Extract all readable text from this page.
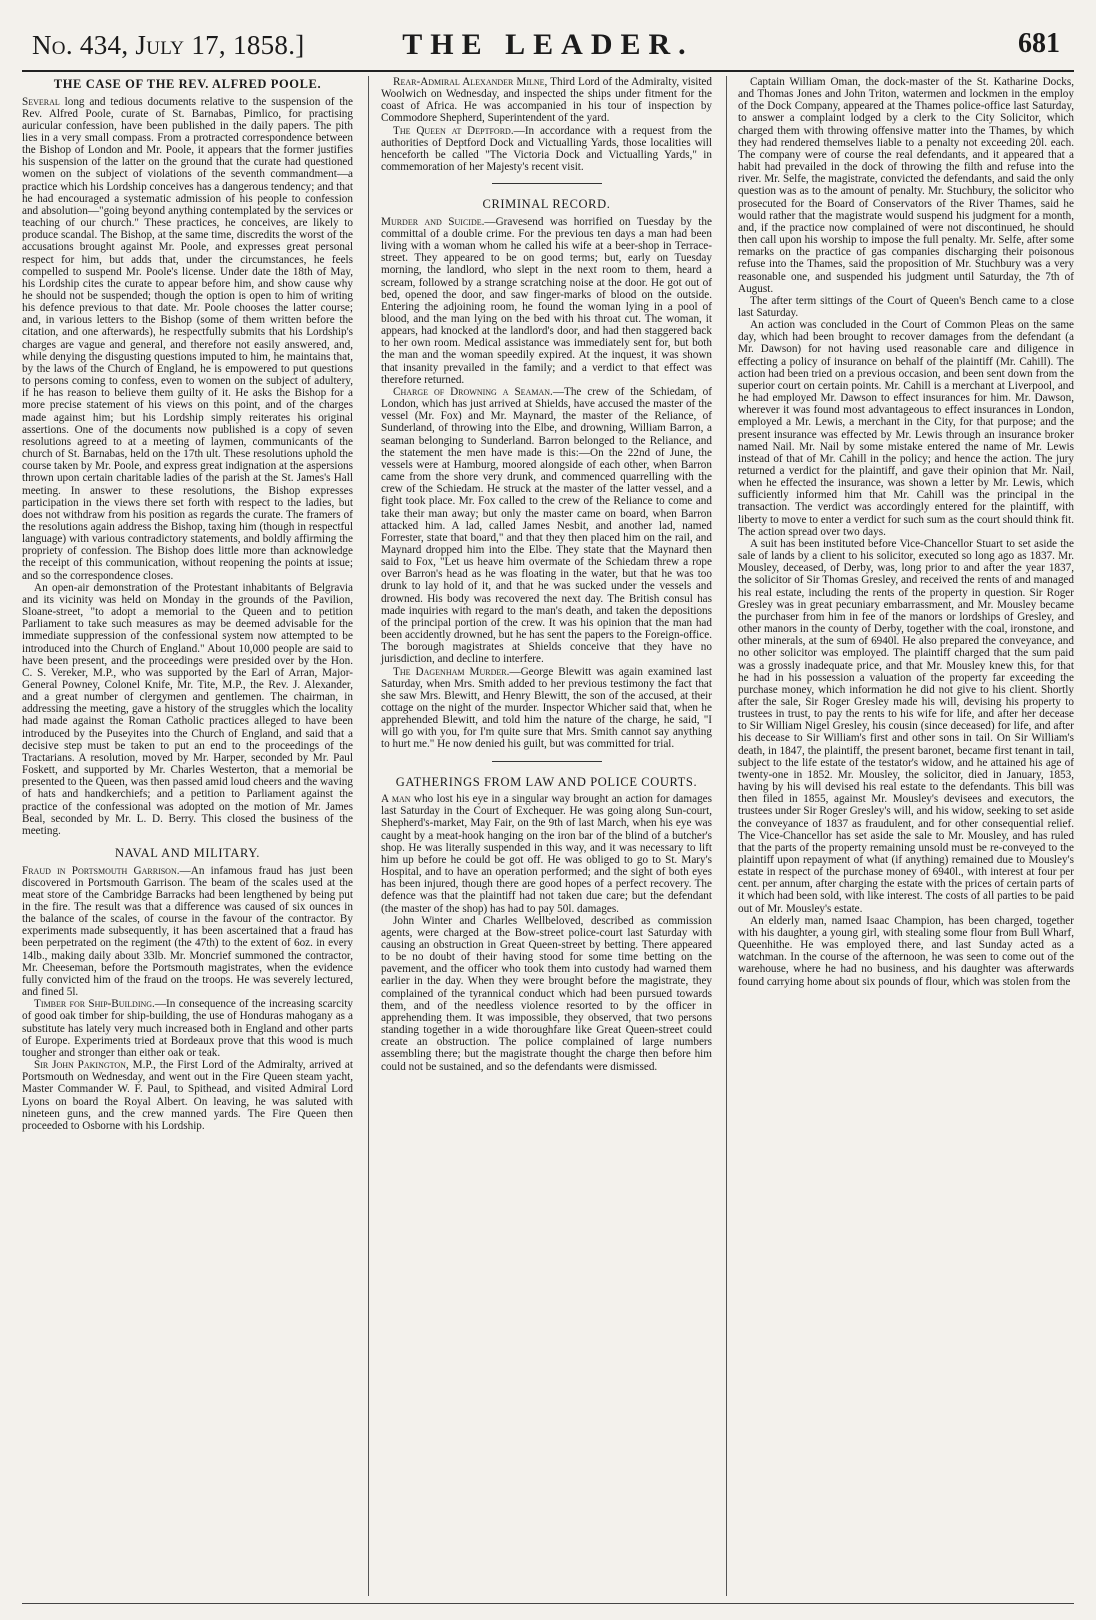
No. 434, July 17, 1858.]	THE LEADER.	681
THE CASE OF THE REV. ALFRED POOLE.

Several long and tedious documents relative to the suspension of the Rev. Alfred Poole, curate of St. Barnabas, Pimlico, for practising auricular confession, have been published in the daily papers. The pith lies in a very small compass. From a protracted correspondence between the Bishop of London and Mr. Poole, it appears that the former justifies his suspension of the latter on the ground that the curate had questioned women on the subject of violations of the seventh commandment—a practice which his Lordship conceives has a dangerous tendency; and that he had encouraged a systematic admission of his people to confession and absolution—"going beyond anything contemplated by the services or teaching of our church." These practices, he conceives, are likely to produce scandal. The Bishop, at the same time, discredits the worst of the accusations brought against Mr. Poole, and expresses great personal respect for him, but adds that, under the circumstances, he feels compelled to suspend Mr. Poole's license. Under date the 18th of May, his Lordship cites the curate to appear before him, and show cause why he should not be suspended; though the option is open to him of writing his defence previous to that date. Mr. Poole chooses the latter course; and, in various letters to the Bishop (some of them written before the citation, and one afterwards), he respectfully submits that his Lordship's charges are vague and general, and therefore not easily answered, and, while denying the disgusting questions imputed to him, he maintains that, by the laws of the Church of England, he is empowered to put questions to persons coming to confess, even to women on the subject of adultery, if he has reason to believe them guilty of it. He asks the Bishop for a more precise statement of his views on this point, and of the charges made against him; but his Lordship simply reiterates his original assertions. One of the documents now published is a copy of seven resolutions agreed to at a meeting of laymen, communicants of the church of St. Barnabas, held on the 17th ult. These resolutions uphold the course taken by Mr. Poole, and express great indignation at the aspersions thrown upon certain charitable ladies of the parish at the St. James's Hall meeting. In answer to these resolutions, the Bishop expresses participation in the views there set forth with respect to the ladies, but does not withdraw from his position as regards the curate. The framers of the resolutions again address the Bishop, taxing him (though in respectful language) with various contradictory statements, and boldly affirming the propriety of confession. The Bishop does little more than acknowledge the receipt of this communication, without reopening the points at issue; and so the correspondence closes.

An open-air demonstration of the Protestant inhabitants of Belgravia and its vicinity was held on Monday in the grounds of the Pavilion, Sloane-street, "to adopt a memorial to the Queen and to petition Parliament to take such measures as may be deemed advisable for the immediate suppression of the confessional system now attempted to be introduced into the Church of England." About 10,000 people are said to have been present, and the proceedings were presided over by the Hon. C. S. Vereker, M.P., who was supported by the Earl of Arran, Major-General Powney, Colonel Knife, Mr. Tite, M.P., the Rev. J. Alexander, and a great number of clergymen and gentlemen. The chairman, in addressing the meeting, gave a history of the struggles which the locality had made against the Roman Catholic practices alleged to have been introduced by the Puseyites into the Church of England, and said that a decisive step must be taken to put an end to the proceedings of the Tractarians. A resolution, moved by Mr. Harper, seconded by Mr. Paul Foskett, and supported by Mr. Charles Westerton, that a memorial be presented to the Queen, was then passed amid loud cheers and the waving of hats and handkerchiefs; and a petition to Parliament against the practice of the confessional was adopted on the motion of Mr. James Beal, seconded by Mr. L. D. Berry. This closed the business of the meeting.

NAVAL AND MILITARY.

Fraud in Portsmouth Garrison.—An infamous fraud has just been discovered in Portsmouth Garrison. The beam of the scales used at the meat store of the Cambridge Barracks had been lengthened by being put in the fire. The result was that a difference was caused of six ounces in the balance of the scales, of course in the favour of the contractor. By experiments made subsequently, it has been ascertained that a fraud has been perpetrated on the regiment (the 47th) to the extent of 6oz. in every 14lb., making daily about 33lb. Mr. Moncrief summoned the contractor, Mr. Cheeseman, before the Portsmouth magistrates, when the evidence fully convicted him of the fraud on the troops. He was severely lectured, and fined 5l.

Timber for Ship-Building.—In consequence of the increasing scarcity of good oak timber for ship-building, the use of Honduras mahogany as a substitute has lately very much increased both in England and other parts of Europe. Experiments tried at Bordeaux prove that this wood is much tougher and stronger than either oak or teak.

Sir John Pakington, M.P., the First Lord of the Admiralty, arrived at Portsmouth on Wednesday, and went out in the Fire Queen steam yacht, Master Commander W. F. Paul, to Spithead, and visited Admiral Lord Lyons on board the Royal Albert. On leaving, he was saluted with nineteen guns, and the crew manned yards. The Fire Queen then proceeded to Osborne with his Lordship.

Rear-Admiral Alexander Milne, Third Lord of the Admiralty, visited Woolwich on Wednesday, and inspected the ships under fitment for the coast of Africa. He was accompanied in his tour of inspection by Commodore Shepherd, Superintendent of the yard.

The Queen at Deptford.—In accordance with a request from the authorities of Deptford Dock and Victualling Yards, those localities will henceforth be called "The Victoria Dock and Victualling Yards," in commemoration of her Majesty's recent visit.

CRIMINAL RECORD.

Murder and Suicide.—Gravesend was horrified on Tuesday by the committal of a double crime. For the previous ten days a man had been living with a woman whom he called his wife at a beer-shop in Terrace-street. They appeared to be on good terms; but, early on Tuesday morning, the landlord, who slept in the next room to them, heard a scream, followed by a strange scratching noise at the door. He got out of bed, opened the door, and saw finger-marks of blood on the outside. Entering the adjoining room, he found the woman lying in a pool of blood, and the man lying on the bed with his throat cut. The woman, it appears, had knocked at the landlord's door, and had then staggered back to her own room. Medical assistance was immediately sent for, but both the man and the woman speedily expired. At the inquest, it was shown that insanity prevailed in the family; and a verdict to that effect was therefore returned.

Charge of Drowning a Seaman.—The crew of the Schiedam, of London, which has just arrived at Shields, have accused the master of the vessel (Mr. Fox) and Mr. Maynard, the master of the Reliance, of Sunderland, of throwing into the Elbe, and drowning, William Barron, a seaman belonging to Sunderland. Barron belonged to the Reliance, and the statement the men have made is this:—On the 22nd of June, the vessels were at Hamburg, moored alongside of each other, when Barron came from the shore very drunk, and commenced quarrelling with the crew of the Schiedam. He struck at the master of the latter vessel, and a fight took place. Mr. Fox called to the crew of the Reliance to come and take their man away; but only the master came on board, when Barron attacked him. A lad, called James Nesbit, and another lad, named Forrester, state that board," and that they then placed him on the rail, and Maynard dropped him into the Elbe. They state that the Maynard then said to Fox, "Let us heave him overmate of the Schiedam threw a rope over Barron's head as he was floating in the water, but that he was too drunk to lay hold of it, and that he was sucked under the vessels and drowned. His body was recovered the next day. The British consul has made inquiries with regard to the man's death, and taken the depositions of the principal portion of the crew. It was his opinion that the man had been accidently drowned, but he has sent the papers to the Foreign-office. The borough magistrates at Shields conceive that they have no jurisdiction, and decline to interfere.

The Dagenham Murder.—George Blewitt was again examined last Saturday, when Mrs. Smith added to her previous testimony the fact that she saw Mrs. Blewitt, and Henry Blewitt, the son of the accused, at their cottage on the night of the murder. Inspector Whicher said that, when he apprehended Blewitt, and told him the nature of the charge, he said, "I will go with you, for I'm quite sure that Mrs. Smith cannot say anything to hurt me." He now denied his guilt, but was committed for trial.

GATHERINGS FROM LAW AND POLICE COURTS.

A man who lost his eye in a singular way brought an action for damages last Saturday in the Court of Exchequer. He was going along Sun-court, Shepherd's-market, May Fair, on the 9th of last March, when his eye was caught by a meat-hook hanging on the iron bar of the blind of a butcher's shop. He was literally suspended in this way, and it was necessary to lift him up before he could be got off. He was obliged to go to St. Mary's Hospital, and to have an operation performed; and the sight of both eyes has been injured, though there are good hopes of a perfect recovery. The defence was that the plaintiff had not taken due care; but the defendant (the master of the shop) has had to pay 50l. damages.

John Winter and Charles Wellbeloved, described as commission agents, were charged at the Bow-street police-court last Saturday with causing an obstruction in Great Queen-street by betting. There appeared to be no doubt of their having stood for some time betting on the pavement, and the officer who took them into custody had warned them earlier in the day. When they were brought before the magistrate, they complained of the tyrannical conduct which had been pursued towards them, and of the needless violence resorted to by the officer in apprehending them. It was impossible, they observed, that two persons standing together in a wide thoroughfare like Great Queen-street could create an obstruction. The police complained of large numbers assembling there; but the magistrate thought the charge then before him could not be sustained, and so the defendants were dismissed.

Captain William Oman, the dock-master of the St. Katharine Docks, and Thomas Jones and John Triton, watermen and lockmen in the employ of the Dock Company, appeared at the Thames police-office last Saturday, to answer a complaint lodged by a clerk to the City Solicitor, which charged them with throwing offensive matter into the Thames, by which they had rendered themselves liable to a penalty not exceeding 20l. each. The company were of course the real defendants, and it appeared that a habit had prevailed in the dock of throwing the filth and refuse into the river. Mr. Selfe, the magistrate, convicted the defendants, and said the only question was as to the amount of penalty. Mr. Stuchbury, the solicitor who prosecuted for the Board of Conservators of the River Thames, said he would rather that the magistrate would suspend his judgment for a month, and, if the practice now complained of were not discontinued, he should then call upon his worship to impose the full penalty. Mr. Selfe, after some remarks on the practice of gas companies discharging their poisonous refuse into the Thames, said the proposition of Mr. Stuchbury was a very reasonable one, and suspended his judgment until Saturday, the 7th of August.

The after term sittings of the Court of Queen's Bench came to a close last Saturday.

An action was concluded in the Court of Common Pleas on the same day, which had been brought to recover damages from the defendant (a Mr. Dawson) for not having used reasonable care and diligence in effecting a policy of insurance on behalf of the plaintiff (Mr. Cahill). The action had been tried on a previous occasion, and been sent down from the superior court on certain points. Mr. Cahill is a merchant at Liverpool, and he had employed Mr. Dawson to effect insurances for him. Mr. Dawson, wherever it was found most advantageous to effect insurances in London, employed a Mr. Lewis, a merchant in the City, for that purpose; and the present insurance was effected by Mr. Lewis through an insurance broker named Nail. Mr. Nail by some mistake entered the name of Mr. Lewis instead of that of Mr. Cahill in the policy; and hence the action. The jury returned a verdict for the plaintiff, and gave their opinion that Mr. Nail, when he effected the insurance, was shown a letter by Mr. Lewis, which sufficiently informed him that Mr. Cahill was the principal in the transaction. The verdict was accordingly entered for the plaintiff, with liberty to move to enter a verdict for such sum as the court should think fit. The action spread over two days.

A suit has been instituted before Vice-Chancellor Stuart to set aside the sale of lands by a client to his solicitor, executed so long ago as 1837. Mr. Mousley, deceased, of Derby, was, long prior to and after the year 1837, the solicitor of Sir Thomas Gresley, and received the rents of and managed his real estate, including the rents of the property in question. Sir Roger Gresley was in great pecuniary embarrassment, and Mr. Mousley became the purchaser from him in fee of the manors or lordships of Gresley, and other manors in the county of Derby, together with the coal, ironstone, and other minerals, at the sum of 6940l. He also prepared the conveyance, and no other solicitor was employed. The plaintiff charged that the sum paid was a grossly inadequate price, and that Mr. Mousley knew this, for that he had in his possession a valuation of the property far exceeding the purchase money, which information he did not give to his client. Shortly after the sale, Sir Roger Gresley made his will, devising his property to trustees in trust, to pay the rents to his wife for life, and after her decease to Sir William Nigel Gresley, his cousin (since deceased) for life, and after his decease to Sir William's first and other sons in tail. On Sir William's death, in 1847, the plaintiff, the present baronet, became first tenant in tail, subject to the life estate of the testator's widow, and he attained his age of twenty-one in 1852. Mr. Mousley, the solicitor, died in January, 1853, having by his will devised his real estate to the defendants. This bill was then filed in 1855, against Mr. Mousley's devisees and executors, the trustees under Sir Roger Gresley's will, and his widow, seeking to set aside the conveyance of 1837 as fraudulent, and for other consequential relief. The Vice-Chancellor has set aside the sale to Mr. Mousley, and has ruled that the parts of the property remaining unsold must be re-conveyed to the plaintiff upon repayment of what (if anything) remained due to Mousley's estate in respect of the purchase money of 6940l., with interest at four per cent. per annum, after charging the estate with the prices of certain parts of it which had been sold, with like interest. The costs of all parties to be paid out of Mr. Mousley's estate.

An elderly man, named Isaac Champion, has been charged, together with his daughter, a young girl, with stealing some flour from Bull Wharf, Queenhithe. He was employed there, and last Sunday acted as a watchman. In the course of the afternoon, he was seen to come out of the warehouse, where he had no business, and his daughter was afterwards found carrying home about six pounds of flour, which was stolen from the
